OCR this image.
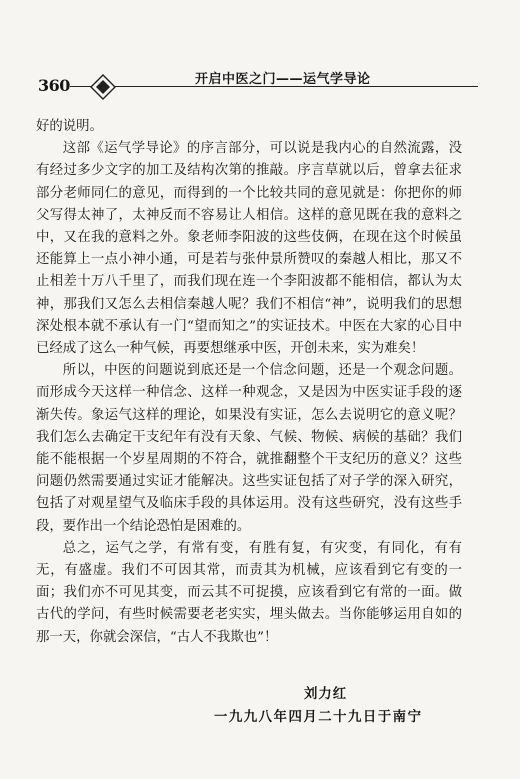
360	开启中医之门——运气学导论

好的说明。

这部《运气学导论》的序言部分，可以说是我内心的自然流露，没有经过多少文字的加工及结构次第的推敲。序言草就以后，曾拿去征求部分老师同仁的意见，而得到的一个比较共同的意见就是：你把你的师父写得太神了，太神反而不容易让人相信。这样的意见既在我的意料之中，又在我的意料之外。象老师李阳波的这些伎俩，在现在这个时候虽还能算上一点小神小通，可是若与张仲景所赞叹的秦越人相比，那又不止相差十万八千里了，而我们现在连一个李阳波都不能相信，都认为太神，那我们又怎么去相信秦越人呢？我们不相信“神”，说明我们的思想深处根本就不承认有一门“望而知之”的实证技术。中医在大家的心目中已经成了这么一种气候，再要想继承中医，开创未来，实为难矣！

所以，中医的问题说到底还是一个信念问题，还是一个观念问题。而形成今天这样一种信念、这样一种观念，又是因为中医实证手段的逐渐失传。象运气这样的理论，如果没有实证，怎么去说明它的意义呢？我们怎么去确定干支纪年有没有天象、气候、物候、病候的基础？我们能不能根据一个岁星周期的不符合，就推翻整个干支纪历的意义？这些问题仍然需要通过实证才能解决。这些实证包括了对子学的深入研究，包括了对观星望气及临床手段的具体运用。没有这些研究，没有这些手段，要作出一个结论恐怕是困难的。

总之，运气之学，有常有变，有胜有复，有灾变，有同化，有有无，有盛虚。我们不可因其常，而责其为机械，应该看到它有变的一面；我们亦不可见其变，而云其不可捉摸，应该看到它有常的一面。做古代的学问，有些时候需要老老实实，埋头做去。当你能够运用自如的那一天，你就会深信，“古人不我欺也”！

刘力红
一九九八年四月二十九日于南宁
